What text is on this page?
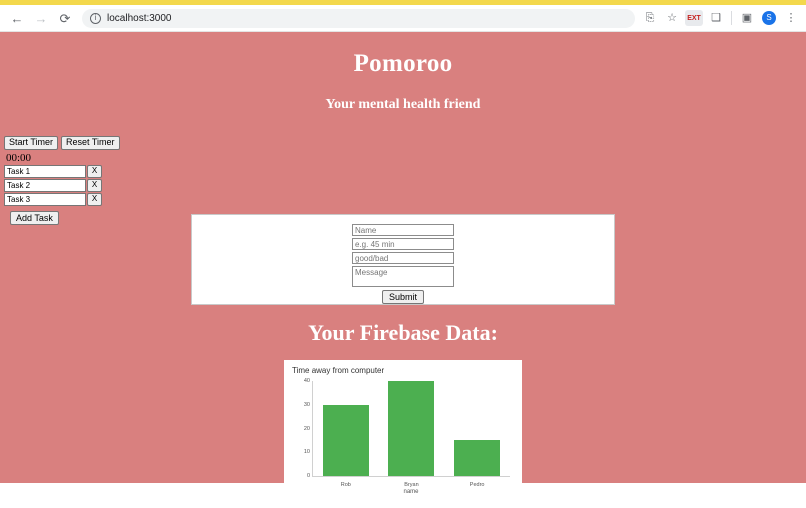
← → ⟳	i	localhost:3000	⎘	☆	EXT ❑	▣	S	⋮
Pomoroo
Your mental health friend
Start Timer	Reset Timer
00:00
Task 1
X
Task 2
X
Task 3
X
Add Task
Name
e.g. 45 min
good/bad
Message
Submit
Your Firebase Data:
Time away from computer
0
10
20
30
40
Rob	Bryan	Pedro
name
